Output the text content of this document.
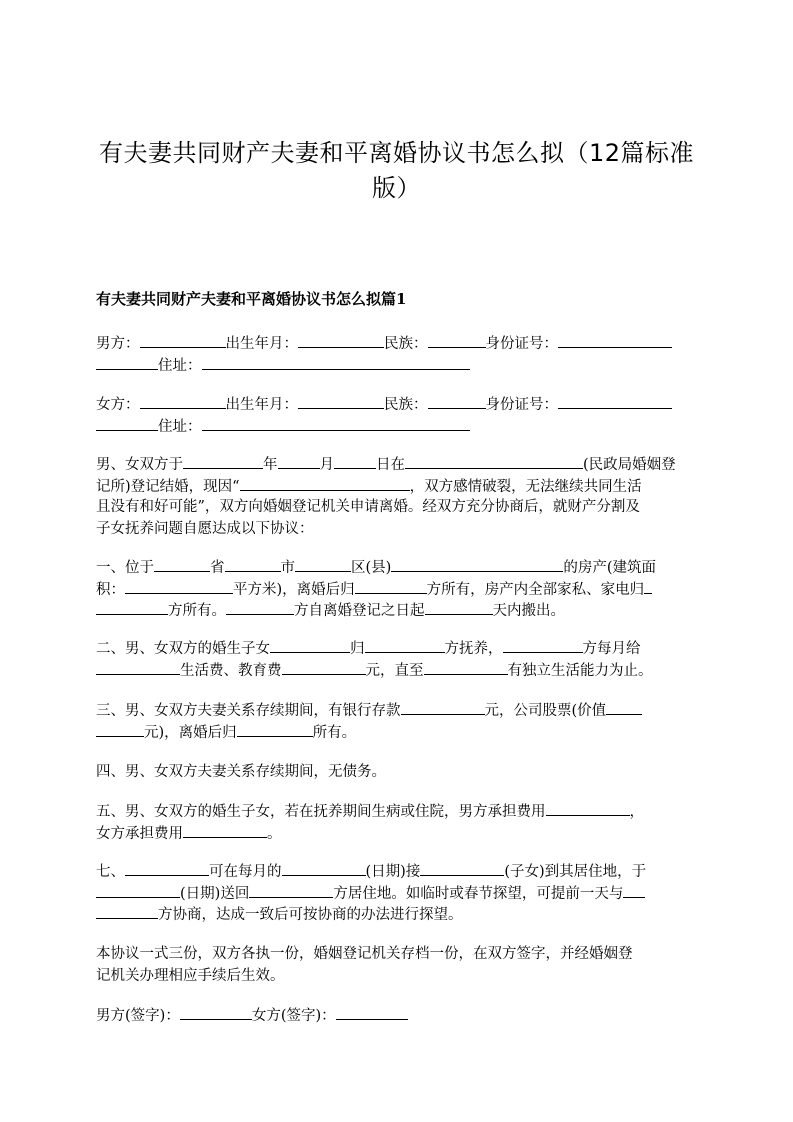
有夫妻共同财产夫妻和平离婚协议书怎么拟（12篇标准版）
有夫妻共同财产夫妻和平离婚协议书怎么拟篇1
男方：	出生年月：	民族：	身份证号：
住址：
女方：	出生年月：	民族：	身份证号：
住址：
男、女双方于	年	月	日在	(民政局婚姻登
记所)登记结婚，现因“	，双方感情破裂，无法继续共同生活
且没有和好可能”，双方向婚姻登记机关申请离婚。经双方充分协商后，就财产分割及
子女抚养问题自愿达成以下协议：
一、位于	省	市	区(县)	的房产(建筑面
积：	平方米)，离婚后归	方所有，房产内全部家私、家电归
方所有。	方自离婚登记之日起	天内搬出。
二、男、女双方的婚生子女	归	方抚养，	方每月给
生活费、教育费	元，直至	有独立生活能力为止。
三、男、女双方夫妻关系存续期间，有银行存款	元，公司股票(价值
元)，离婚后归	所有。
四、男、女双方夫妻关系存续期间，无债务。
五、男、女双方的婚生子女，若在抚养期间生病或住院，男方承担费用	，
女方承担费用	。
七、	可在每月的	(日期)接	(子女)到其居住地，于
(日期)送回	方居住地。如临时或春节探望，可提前一天与
方协商，达成一致后可按协商的办法进行探望。
本协议一式三份，双方各执一份，婚姻登记机关存档一份，在双方签字，并经婚姻登
记机关办理相应手续后生效。
男方(签字)：	女方(签字)：
